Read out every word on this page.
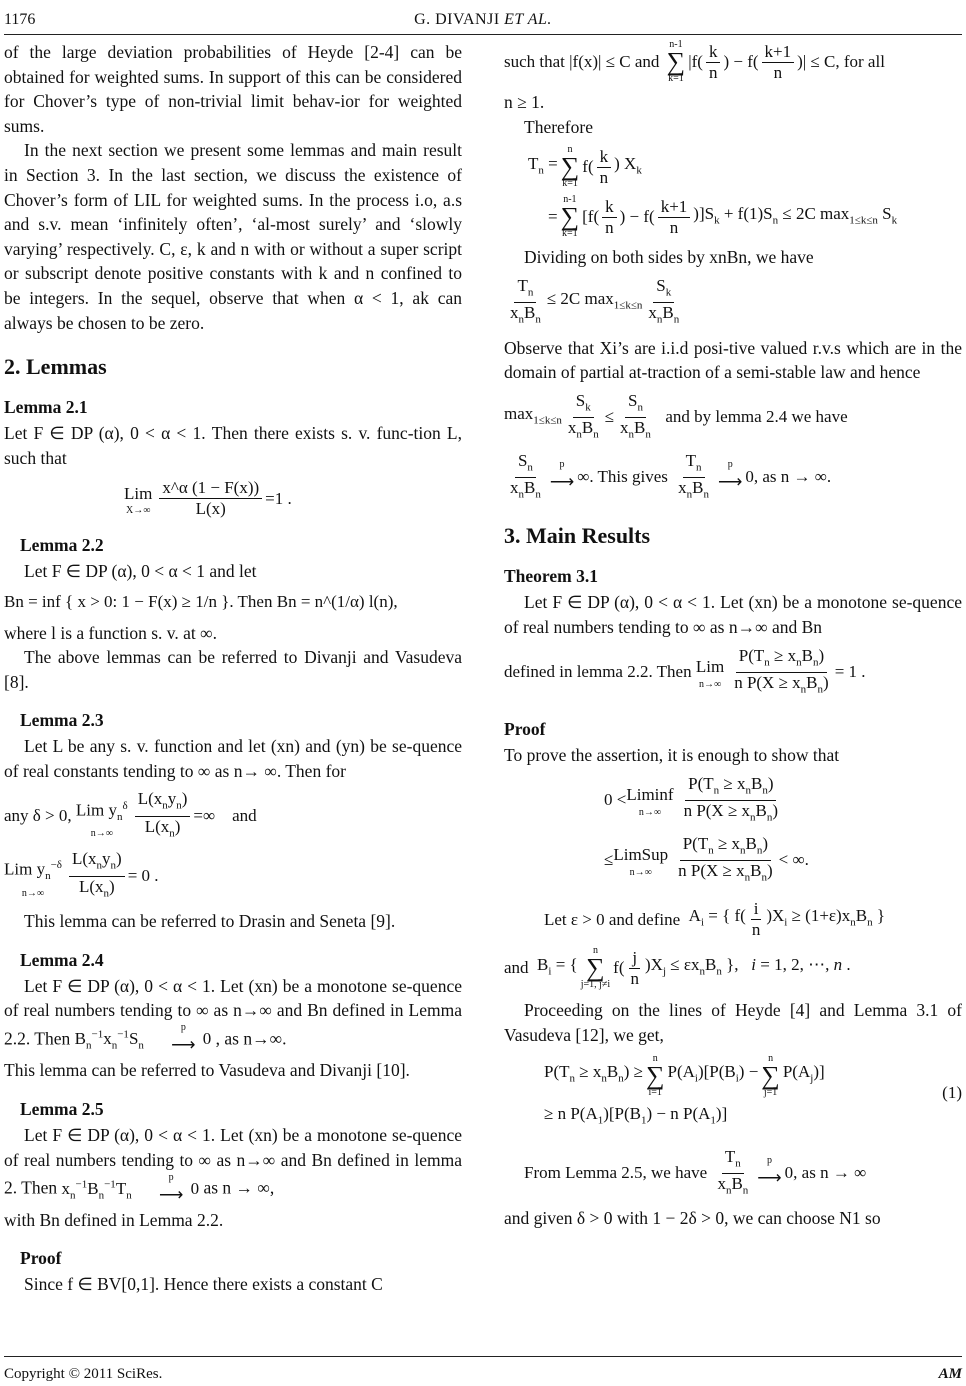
1176	G. DIVANJI ET AL.

of the large deviation probabilities of Heyde [2-4] can be obtained for weighted sums. In support of this can be considered for Chover’s type of non-trivial limit behav-ior for weighted sums.

In the next section we present some lemmas and main result in Section 3. In the last section, we discuss the existence of Chover’s form of LIL for weighted sums. In the process i.o, a.s and s.v. mean ‘infinitely often’, ‘al-most surely’ and ‘slowly varying’ respectively. C, ε, k and n with or without a super script or subscript denote positive constants with k and n confined to be integers. In the sequel, observe that when α < 1, ak can always be chosen to be zero.

2. Lemmas
Lemma 2.1

Let F ∈ DP (α), 0 < α < 1. Then there exists s. v. func-tion L, such that

Lim
$X\to\infty \frac{x\^{}\alpha (1 - F(x))}{L(x)} =1$ .
Lemma 2.2

Let F ∈ DP (α), 0 < α < 1 and let

Bn = inf { x > 0: 1 − F(x) ≥ 1/n }. Then Bn = n^(1/α) l(n),

where l is a function s. v. at ∞.

The above lemmas can be referred to Divanji and Vasudeva [8].

Lemma 2.3

Let L be any s. v. function and let (xn) and (yn) be se-quence of real constants tending to ∞ as n→ ∞. Then for

any δ > 0,
Lim $y_n^\delta$
$n\to\infty \frac{L(x_ny_n)}{L(x_n)}$ =∞
and
Lim $y_n^{-\delta}$
$n\to\infty \frac{L(x_ny_n)}{L(x_n)} = 0$ .

This lemma can be referred to Drasin and Seneta [9].

Lemma 2.4

Let F ∈ DP (α), 0 < α < 1. Let (xn) be a monotone se-quence of real numbers tending to ∞ as n→∞ and Bn defined in Lemma 2.2. Then $B_n^{-1}x_n^{-1}S_n$
p
⟶ 0 , as n→∞.

This lemma can be referred to Vasudeva and Divanji [10].

Lemma 2.5

Let F ∈ DP (α), 0 < α < 1. Let (xn) be a monotone se-quence of real numbers tending to ∞ as n→∞ and Bn defined in lemma 2. Then $x_n^{-1}B_n^{-1}T_n$
p
⟶ 0 as n → ∞,

with Bn defined in Lemma 2.2.

Proof

Since f ∈ BV[0,1]. Hence there exists a constant C

such that |f(x)| ≤ C and

n-1
∑
k=1
$|f( \frac{k}{n}$ ) − $f( \frac{k+1}{n}$ )| ≤ C , for all

n ≥ 1.

Therefore

$T_n$ =
n
∑
k=1
$f( \frac{k}{n}$ ) $X_k$
=
n-1
∑
k=1
[$f( \frac{k}{n}$ ) − $f( \frac{k+1}{n} )]S_k + f(1)S_n \le 2C$ $\max_{1\le k\le n} S_k$

Dividing on both sides by xnBn, we have

$\frac{T_n}{x_nB_n} \le 2C$ $\max_{1\le k\le n} \frac{S_k}{x_nB_n}$

Observe that Xi’s are i.i.d posi-tive valued r.v.s which are in the domain of partial at-traction of a semi-stable law and hence

$\max_{1\le k\le n} \frac{S_k}{x_nB_n} \le \frac{S_n}{x_nB_n}$
and by lemma 2.4 we have
$\frac{S_n}{x_nB_n}$ p
⟶ ∞ . This gives
$\frac{T_n}{x_nB_n}$ p
⟶ 0 , as n → ∞.
3. Main Results
Theorem 3.1

Let F ∈ DP (α), 0 < α < 1. Let (xn) be a monotone se-quence of real numbers tending to ∞ as n→∞ and Bn

defined in lemma 2.2. Then
Lim
$n\to\infty \frac{P(T_n \ge x_nB_n)}{n P(X \ge x_nB_n)} = 1$ .
Proof

To prove the assertion, it is enough to show that

0 < Liminf
$n\to\infty \frac{P(T_n \ge x_nB_n)}{n P(X \ge x_nB_n)}$
≤ LimSup
$n\to\infty \frac{P(T_n \ge x_nB_n)}{n P(X \ge x_nB_n)}$ < ∞.
Let ε > 0 and define
$A_i$ = { $f( \frac{i}{n} )X_i \ge (1+\varepsilon)x_nB_n$ }
and
$B_i$ = {
n
∑
j=1, j≠i
$f( \frac{j}{n} )X_j \le \varepsilon x_nB_n$ },   i = 1, 2, ⋯, n .

Proceeding on the lines of Heyde [4] and Lemma 3.1 of Vasudeva [12], we get,

$P(T_n \ge x_nB_n)$ ≥
n
∑
i=1
$P(A_i)[P(B_i)$ −
n
∑
j=1
$P(A_j)$]
≥ n $P(A_1)[P(B_1) - n$ $P(A_1)$]
(1)
From Lemma 2.5, we have
$\frac{T_n}{x_nB_n}$ p
⟶ 0 , as n → ∞

and given δ > 0 with 1 − 2δ > 0, we can choose N1 so

Copyright © 2011 SciRes.	AM
